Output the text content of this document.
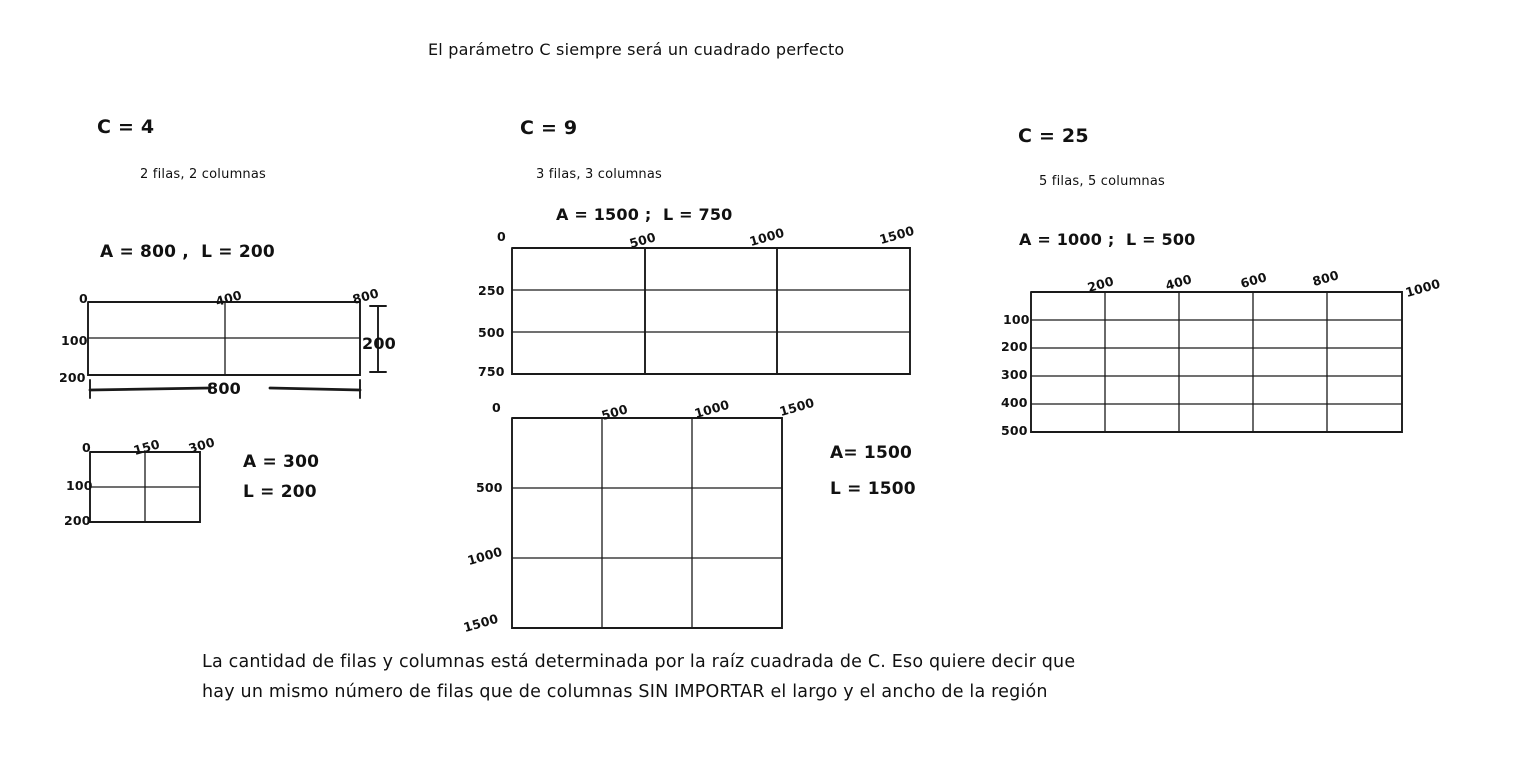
El parámetro C siempre será un cuadrado perfecto
C = 4
2 filas, 2 columnas
A = 800 ,  L = 200
0	400	800
100
200
800
200
0	150 300
100
200
A = 300
L = 200
C = 9
3 filas, 3 columnas
A = 1500 ;  L = 750
0	500	1000	1500
250
500
750
0	500	1000	1500
500
1000
1500
A= 1500
L = 1500
C = 25
5 filas, 5 columnas
A = 1000 ;  L = 500
200	400	600	800	1000
100
200
300
400
500
La cantidad de filas y columnas está determinada por la raíz cuadrada de C. Eso quiere decir que
hay un mismo número de filas que de columnas SIN IMPORTAR el largo y el ancho de la región
